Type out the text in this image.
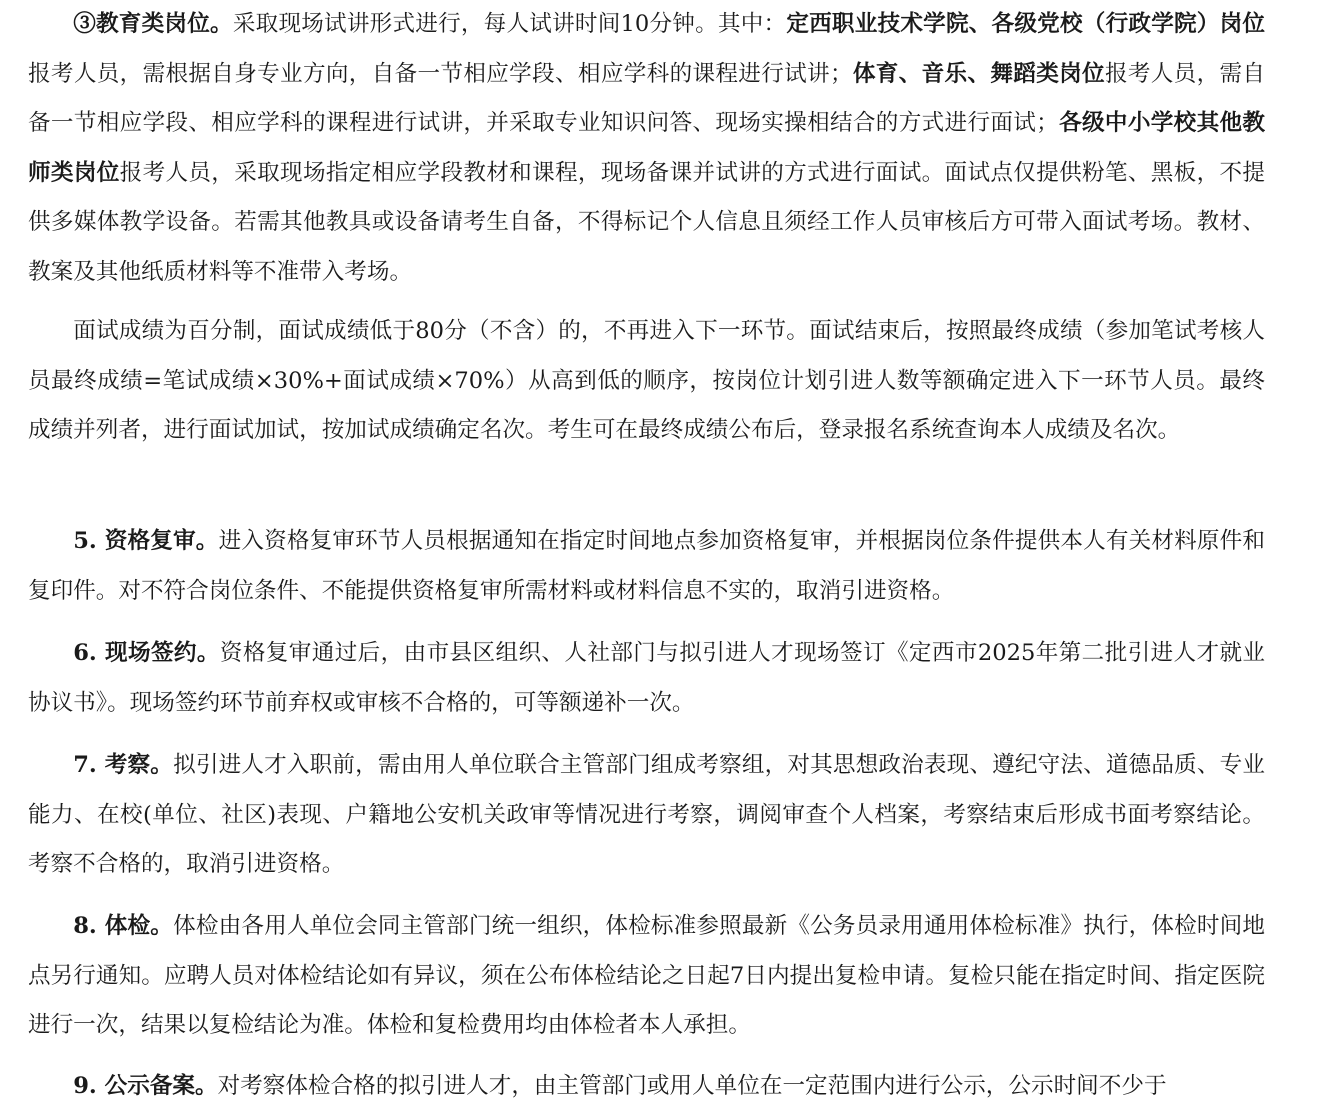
③教育类岗位。采取现场试讲形式进行，每人试讲时间10分钟。其中：定西职业技术学院、各级党校（行政学院）岗位报考人员，需根据自身专业方向，自备一节相应学段、相应学科的课程进行试讲；体育、音乐、舞蹈类岗位报考人员，需自备一节相应学段、相应学科的课程进行试讲，并采取专业知识问答、现场实操相结合的方式进行面试；各级中小学校其他教师类岗位报考人员，采取现场指定相应学段教材和课程，现场备课并试讲的方式进行面试。面试点仅提供粉笔、黑板，不提供多媒体教学设备。若需其他教具或设备请考生自备，不得标记个人信息且须经工作人员审核后方可带入面试考场。教材、教案及其他纸质材料等不准带入考场。

面试成绩为百分制，面试成绩低于80分（不含）的，不再进入下一环节。面试结束后，按照最终成绩（参加笔试考核人员最终成绩=笔试成绩×30%+面试成绩×70%）从高到低的顺序，按岗位计划引进人数等额确定进入下一环节人员。最终成绩并列者，进行面试加试，按加试成绩确定名次。考生可在最终成绩公布后，登录报名系统查询本人成绩及名次。

5. 资格复审。进入资格复审环节人员根据通知在指定时间地点参加资格复审，并根据岗位条件提供本人有关材料原件和复印件。对不符合岗位条件、不能提供资格复审所需材料或材料信息不实的，取消引进资格。

6. 现场签约。资格复审通过后，由市县区组织、人社部门与拟引进人才现场签订《定西市2025年第二批引进人才就业协议书》。现场签约环节前弃权或审核不合格的，可等额递补一次。

7. 考察。拟引进人才入职前，需由用人单位联合主管部门组成考察组，对其思想政治表现、遵纪守法、道德品质、专业能力、在校(单位、社区)表现、户籍地公安机关政审等情况进行考察，调阅审查个人档案，考察结束后形成书面考察结论。考察不合格的，取消引进资格。

8. 体检。体检由各用人单位会同主管部门统一组织，体检标准参照最新《公务员录用通用体检标准》执行，体检时间地点另行通知。应聘人员对体检结论如有异议，须在公布体检结论之日起7日内提出复检申请。复检只能在指定时间、指定医院进行一次，结果以复检结论为准。体检和复检费用均由体检者本人承担。

9. 公示备案。对考察体检合格的拟引进人才，由主管部门或用人单位在一定范围内进行公示，公示时间不少于
